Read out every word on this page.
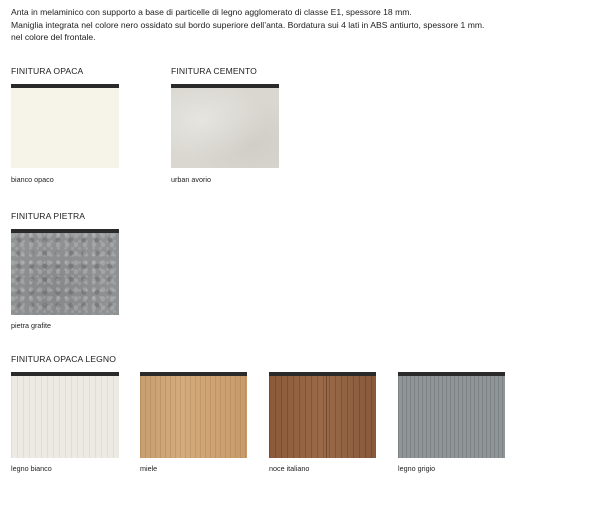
Anta in melaminico con supporto a base di particelle di legno agglomerato di classe E1, spessore 18 mm.

Maniglia integrata nel colore nero ossidato sul bordo superiore dell’anta. Bordatura sui 4 lati in ABS antiurto, spessore 1 mm.

nel colore del frontale.

FINITURA OPACA
bianco opaco
FINITURA CEMENTO
urban avorio
FINITURA PIETRA
pietra grafite
FINITURA OPACA LEGNO
legno bianco	miele	noce italiano	legno grigio
